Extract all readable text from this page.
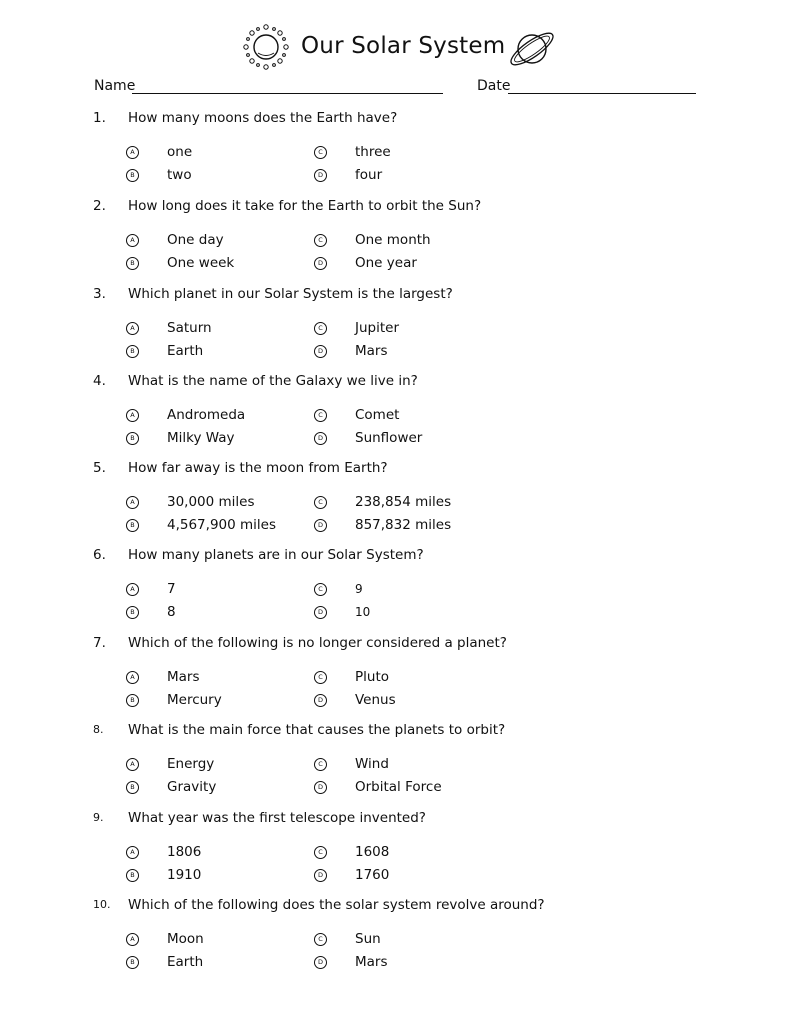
Our Solar System
Name	Date
1. How many moons does the Earth have?
A	one
B	two
C	three
D four
2. How long does it take for the Earth to orbit the Sun?
A	One day
B	One week
C	One month
D One year
3. Which planet in our Solar System is the largest?
A	Saturn
B	Earth
C	Jupiter
D Mars
4. What is the name of the Galaxy we live in?
A	Andromeda
B	Milky Way
C	Comet
D Sunflower
5. How far away is the moon from Earth?
A	30,000 miles
B	4,567,900 miles
C	238,854 miles
D 857,832 miles
6. How many planets are in our Solar System?
A	7
B	8
C	9
D	10
7. Which of the following is no longer considered a planet?
A	Mars
B	Mercury
C	Pluto
D Venus
8. What is the main force that causes the planets to orbit?
A	Energy
B	Gravity
C	Wind
D Orbital Force
9. What year was the first telescope invented?
A	1806
B	1910
C	1608
D 1760
10. Which of the following does the solar system revolve around?
A	Moon
B	Earth
C	Sun
D Mars
